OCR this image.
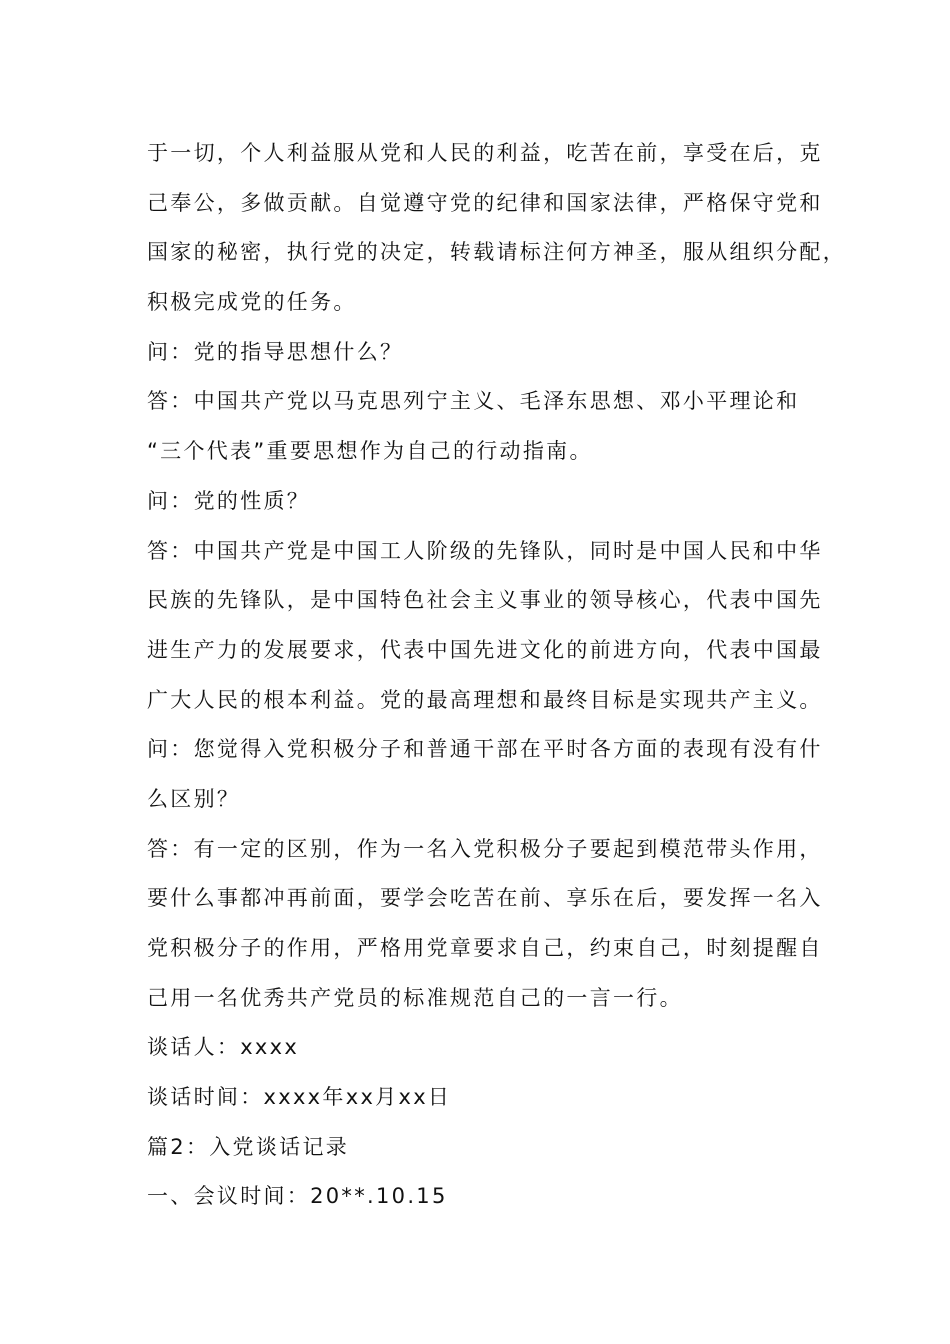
于一切，个人利益服从党和人民的利益，吃苦在前，享受在后，克
己奉公，多做贡献。自觉遵守党的纪律和国家法律，严格保守党和
国家的秘密，执行党的决定，转载请标注何方神圣，服从组织分配，
积极完成党的任务。
问：党的指导思想什么？
答：中国共产党以马克思列宁主义、毛泽东思想、邓小平理论和
“三个代表”重要思想作为自己的行动指南。
问：党的性质？
答：中国共产党是中国工人阶级的先锋队，同时是中国人民和中华
民族的先锋队，是中国特色社会主义事业的领导核心，代表中国先
进生产力的发展要求，代表中国先进文化的前进方向，代表中国最
广大人民的根本利益。党的最高理想和最终目标是实现共产主义。
问：您觉得入党积极分子和普通干部在平时各方面的表现有没有什
么区别？
答：有一定的区别，作为一名入党积极分子要起到模范带头作用，
要什么事都冲再前面，要学会吃苦在前、享乐在后，要发挥一名入
党积极分子的作用，严格用党章要求自己，约束自己，时刻提醒自
己用一名优秀共产党员的标准规范自己的一言一行。
谈话人：xxxx
谈话时间：xxxx年xx月xx日
篇2：入党谈话记录
一、会议时间：20**.10.15
